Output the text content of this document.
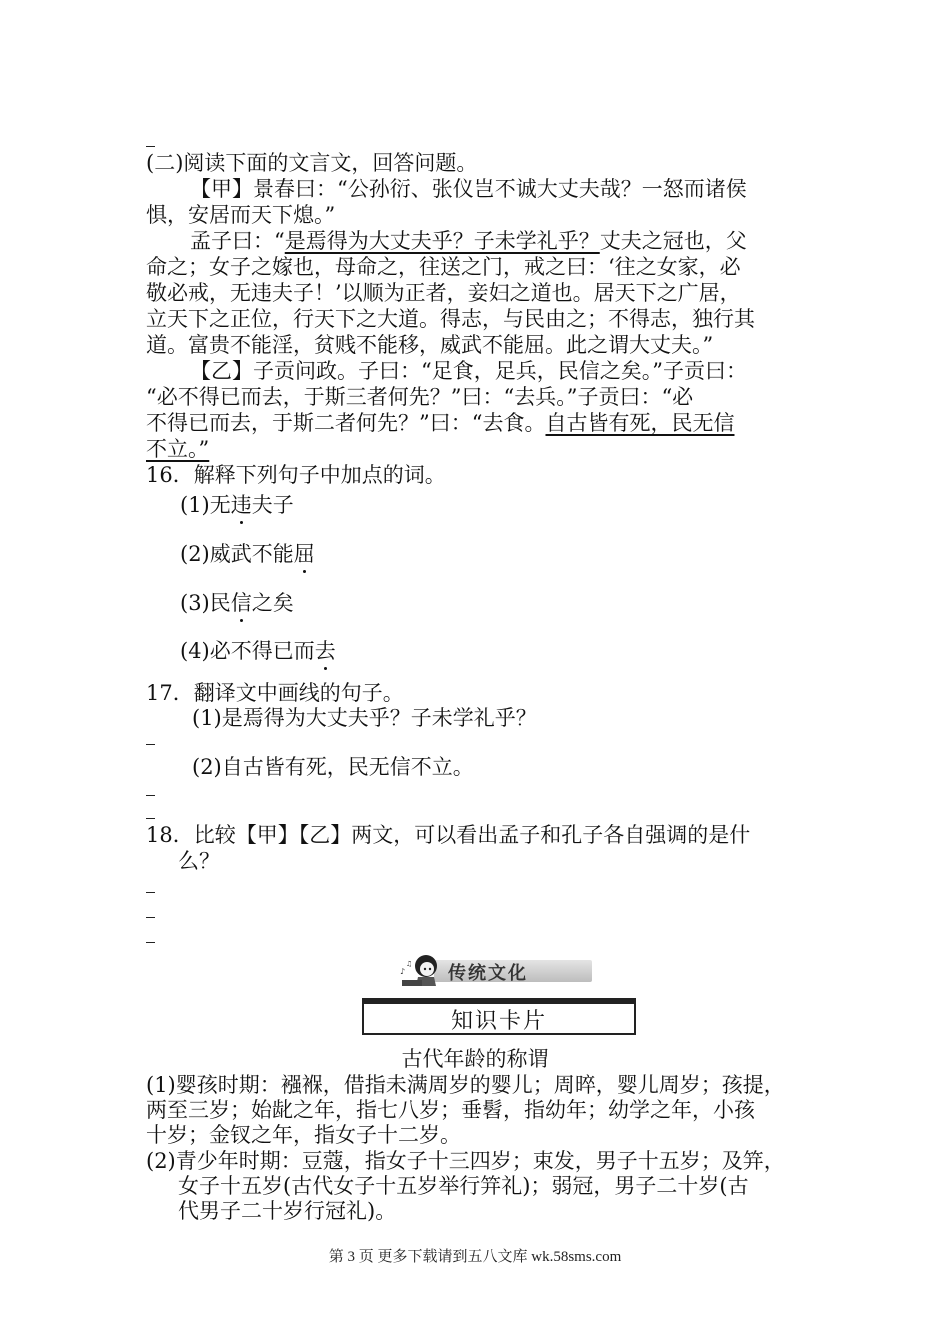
(二)阅读下面的文言文，回答问题。
【甲】景春曰：“公孙衍、张仪岂不诚大丈夫哉？一怒而诸侯
惧，安居而天下熄。”
孟子曰：“是焉得为大丈夫乎？子未学礼乎？丈夫之冠也，父
命之；女子之嫁也，母命之，往送之门，戒之曰：‘往之女家，必
敬必戒，无违夫子！’以顺为正者，妾妇之道也。居天下之广居，
立天下之正位，行天下之大道。得志，与民由之；不得志，独行其
道。富贵不能淫，贫贱不能移，威武不能屈。此之谓大丈夫。”
【乙】子贡问政。子曰：“足食，足兵，民信之矣。”子贡曰：
“必不得已而去，于斯三者何先？”曰：“去兵。”子贡曰：“必
不得已而去，于斯二者何先？”曰：“去食。自古皆有死，民无信
不立。”
16．解释下列句子中加点的词。
(1)无违夫子
(2)威武不能屈
(3)民信之矣
(4)必不得已而去
17．翻译文中画线的句子。
(1)是焉得为大丈夫乎？子未学礼乎？
(2)自古皆有死，民无信不立。
18．比较【甲】【乙】两文，可以看出孟子和孔子各自强调的是什
么？
♪
♫ 传统文化
知识卡片
古代年龄的称谓
(1)婴孩时期：襁褓，借指未满周岁的婴儿；周晬，婴儿周岁；孩提，
两至三岁；始龀之年，指七八岁；垂髫，指幼年；幼学之年，小孩
十岁；金钗之年，指女子十二岁。
(2)青少年时期：豆蔻，指女子十三四岁；束发，男子十五岁；及笄，
女子十五岁(古代女子十五岁举行笄礼)；弱冠，男子二十岁(古
代男子二十岁行冠礼)。
第 3 页 更多下载请到五八文库 wk.58sms.com
